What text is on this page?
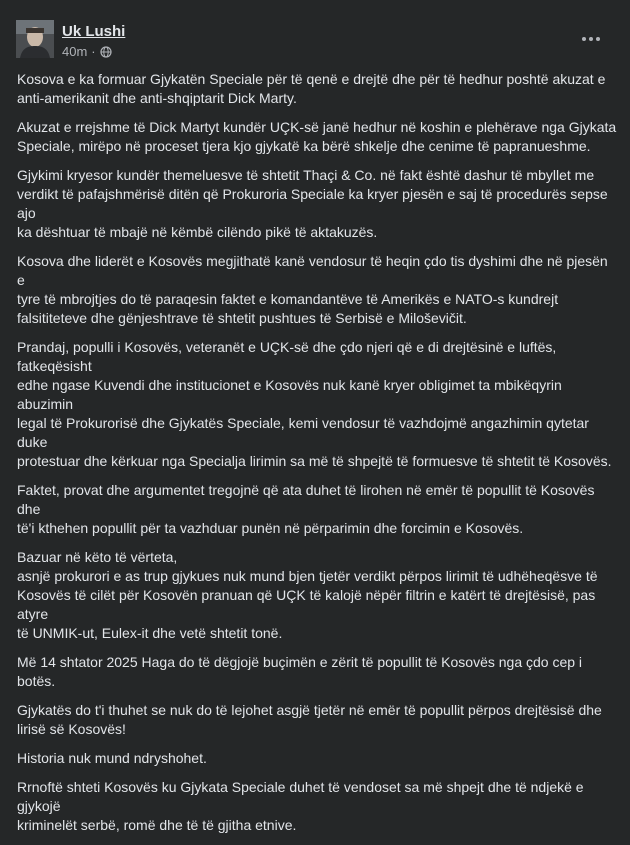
Uk Lushi
40m ·

Kosova e ka formuar Gjykatën Speciale për të qenë e drejtë dhe për të hedhur poshtë akuzat e
anti-amerikanit dhe anti-shqiptarit Dick Marty.

Akuzat e rrejshme të Dick Martyt kundër UÇK-së janë hedhur në koshin e plehërave nga Gjykata
Speciale, mirëpo në proceset tjera kjo gjykatë ka bërë shkelje dhe cenime të papranueshme.

Gjykimi kryesor kundër themeluesve të shtetit Thaçi & Co. në fakt është dashur të mbyllet me
verdikt të pafajshmërisë ditën që Prokuroria Speciale ka kryer pjesën e saj të procedurës sepse ajo
ka dështuar të mbajë në këmbë cilëndo pikë të aktakuzës.

Kosova dhe liderët e Kosovës megjithatë kanë vendosur të heqin çdo tis dyshimi dhe në pjesën e
tyre të mbrojtjes do të paraqesin faktet e komandantëve të Amerikës e NATO-s kundrejt
falsititeteve dhe gënjeshtrave të shtetit pushtues të Serbisë e Miloševičit.

Prandaj, populli i Kosovës, veteranët e UÇK-së dhe çdo njeri që e di drejtësinë e luftës, fatkeqësisht
edhe ngase Kuvendi dhe institucionet e Kosovës nuk kanë kryer obligimet ta mbikëqyrin abuzimin
legal të Prokurorisë dhe Gjykatës Speciale, kemi vendosur të vazhdojmë angazhimin qytetar duke
protestuar dhe kërkuar nga Specialja lirimin sa më të shpejtë të formuesve të shtetit të Kosovës.

Faktet, provat dhe argumentet tregojnë që ata duhet të lirohen në emër të popullit të Kosovës dhe
të'i kthehen popullit për ta vazhduar punën në përparimin dhe forcimin e Kosovës.

Bazuar në këto të vërteta,
asnjë prokurori e as trup gjykues nuk mund bjen tjetër verdikt përpos lirimit të udhëheqësve të
Kosovës të cilët për Kosovën pranuan që UÇK të kalojë nëpër filtrin e katërt të drejtësisë, pas atyre
të UNMIK-ut, Eulex-it dhe vetë shtetit tonë.

Më 14 shtator 2025 Haga do të dëgjojë buçimën e zërit të popullit të Kosovës nga çdo cep i botës.

Gjykatës do t'i thuhet se nuk do të lejohet asgjë tjetër në emër të popullit përpos drejtësisë dhe
lirisë së Kosovës!

Historia nuk mund ndryshohet.

Rrnoftë shteti Kosovës ku Gjykata Speciale duhet të vendoset sa më shpejt dhe të ndjekë e gjykojë
kriminelët serbë, romë dhe të të gjitha etnive.
